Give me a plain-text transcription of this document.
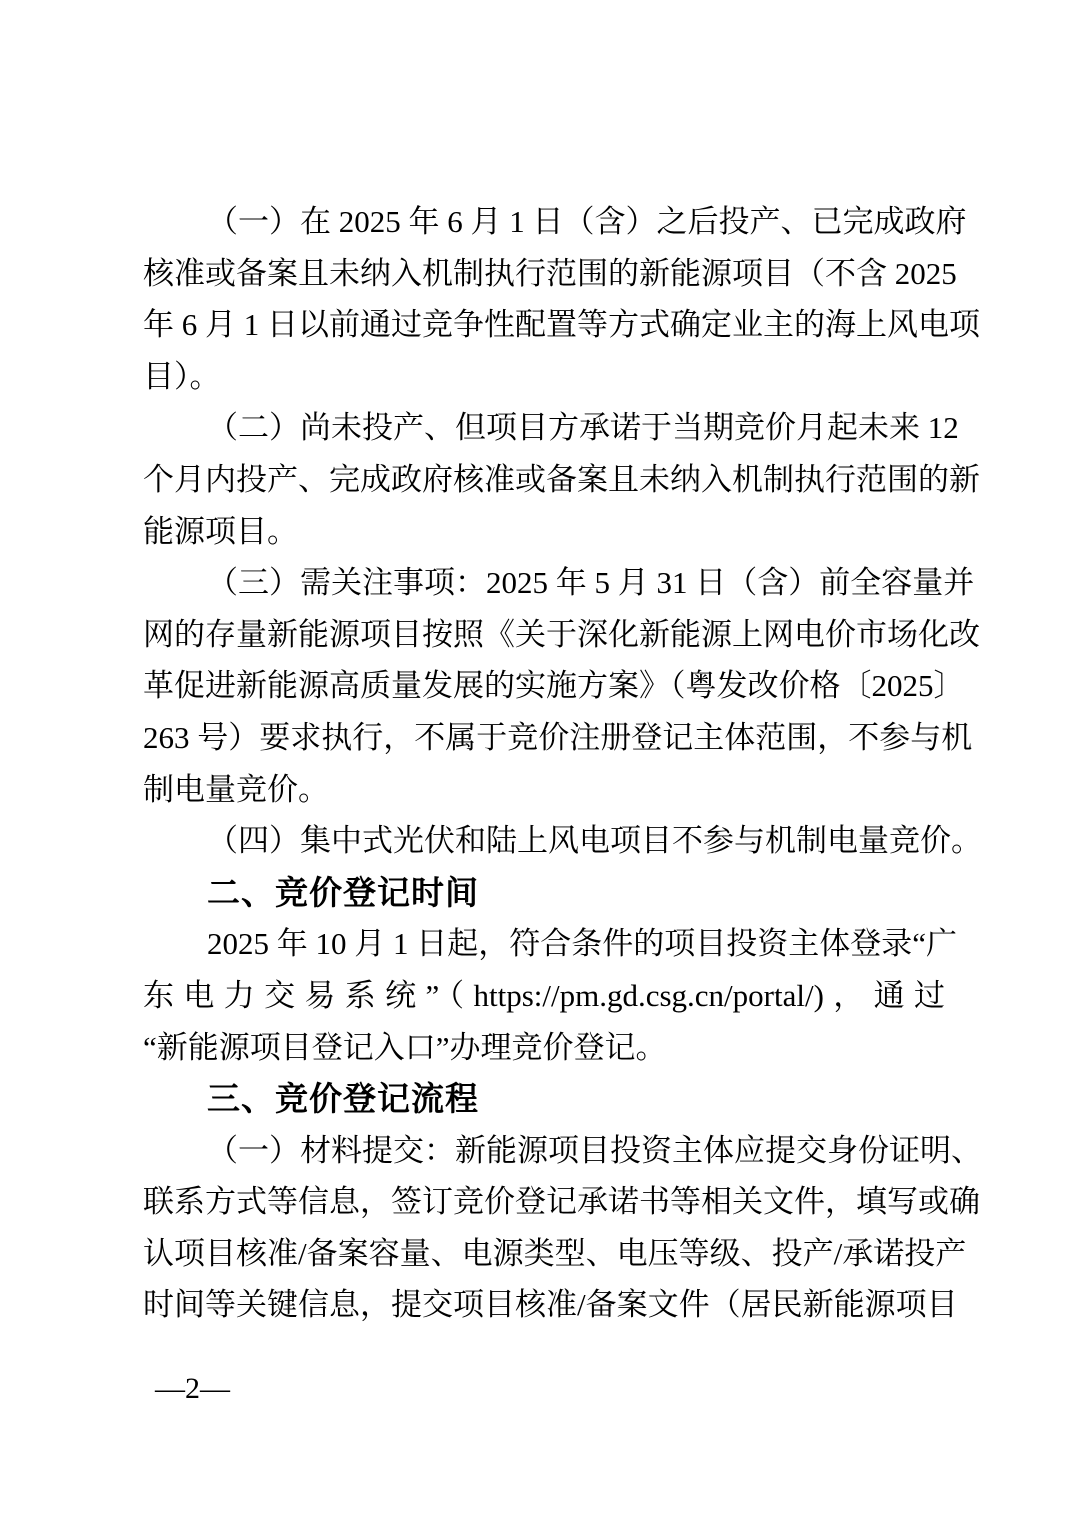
（一）在 2025 年 6 月 1 日（含）之后投产、已完成政府
核准或备案且未纳入机制执行范围的新能源项目（不含 2025
年 6 月 1 日以前通过竞争性配置等方式确定业主的海上风电项
目）。
（二）尚未投产、但项目方承诺于当期竞价月起未来 12
个月内投产、完成政府核准或备案且未纳入机制执行范围的新
能源项目。
（三）需关注事项：2025 年 5 月 31 日（含）前全容量并
网的存量新能源项目按照《关于深化新能源上网电价市场化改
革促进新能源高质量发展的实施方案》（粤发改价格〔2025〕
263 号）要求执行，不属于竞价注册登记主体范围，不参与机
制电量竞价。
（四）集中式光伏和陆上风电项目不参与机制电量竞价。
二、竞价登记时间
2025 年 10 月 1 日起，符合条件的项目投资主体登录“广
东电力交易系统”（https://pm.gd.csg.cn/portal/)，通过
“新能源项目登记入口”办理竞价登记。
三、竞价登记流程
（一）材料提交：新能源项目投资主体应提交身份证明、
联系方式等信息，签订竞价登记承诺书等相关文件，填写或确
认项目核准/备案容量、电源类型、电压等级、投产/承诺投产
时间等关键信息，提交项目核准/备案文件（居民新能源项目
—2—
